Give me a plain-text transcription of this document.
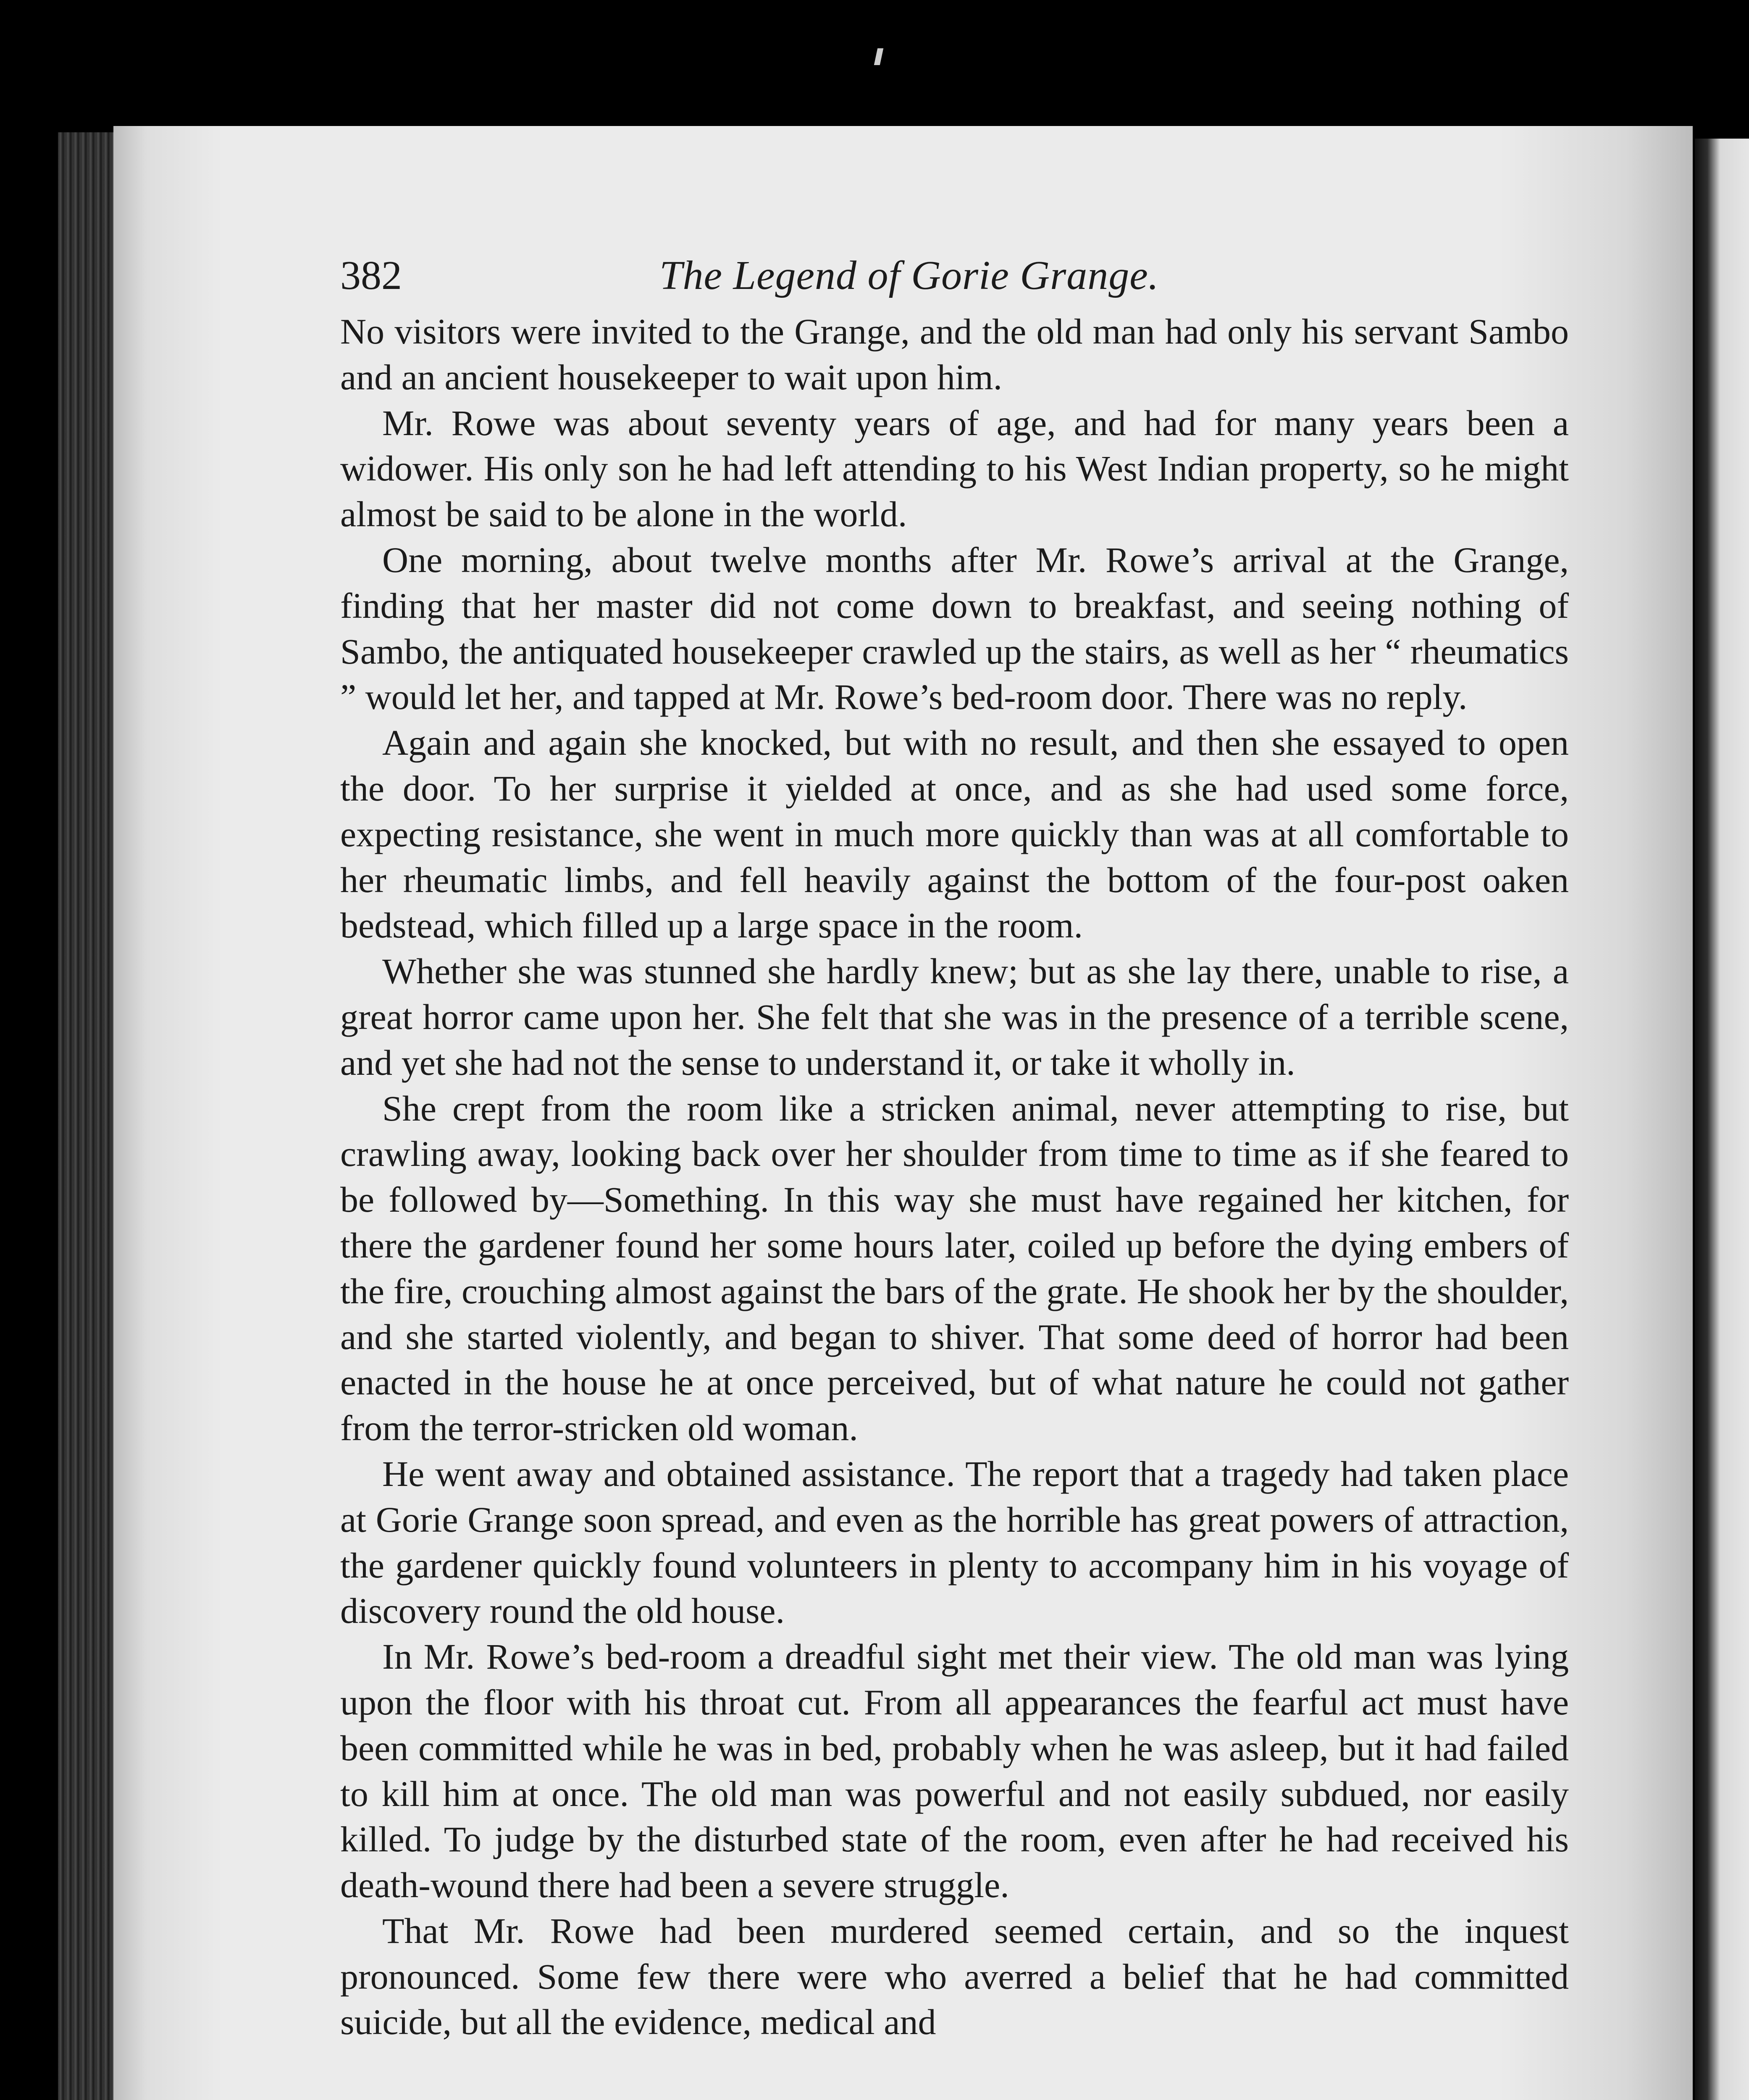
382	The Legend of Gorie Grange.

No visitors were invited to the Grange, and the old man had only his servant Sambo and an ancient housekeeper to wait upon him.

Mr. Rowe was about seventy years of age, and had for many years been a widower. His only son he had left attending to his West Indian property, so he might almost be said to be alone in the world.

One morning, about twelve months after Mr. Rowe’s arrival at the Grange, finding that her master did not come down to breakfast, and seeing nothing of Sambo, the antiquated housekeeper crawled up the stairs, as well as her “ rheumatics ” would let her, and tapped at Mr. Rowe’s bed-room door. There was no reply.

Again and again she knocked, but with no result, and then she essayed to open the door. To her surprise it yielded at once, and as she had used some force, expecting resistance, she went in much more quickly than was at all comfortable to her rheumatic limbs, and fell heavily against the bottom of the four-post oaken bedstead, which filled up a large space in the room.

Whether she was stunned she hardly knew; but as she lay there, unable to rise, a great horror came upon her. She felt that she was in the presence of a terrible scene, and yet she had not the sense to understand it, or take it wholly in.

She crept from the room like a stricken animal, never attempting to rise, but crawling away, looking back over her shoulder from time to time as if she feared to be followed by—Something. In this way she must have regained her kitchen, for there the gardener found her some hours later, coiled up before the dying embers of the fire, crouching almost against the bars of the grate. He shook her by the shoulder, and she started violently, and began to shiver. That some deed of horror had been enacted in the house he at once perceived, but of what nature he could not gather from the terror-stricken old woman.

He went away and obtained assistance. The report that a tragedy had taken place at Gorie Grange soon spread, and even as the horrible has great powers of attraction, the gardener quickly found volunteers in plenty to accompany him in his voyage of discovery round the old house.

In Mr. Rowe’s bed-room a dreadful sight met their view. The old man was lying upon the floor with his throat cut. From all appearances the fearful act must have been committed while he was in bed, probably when he was asleep, but it had failed to kill him at once. The old man was powerful and not easily subdued, nor easily killed. To judge by the disturbed state of the room, even after he had received his death-wound there had been a severe struggle.

That Mr. Rowe had been murdered seemed certain, and so the inquest pronounced. Some few there were who averred a belief that he had committed suicide, but all the evidence, medical and
